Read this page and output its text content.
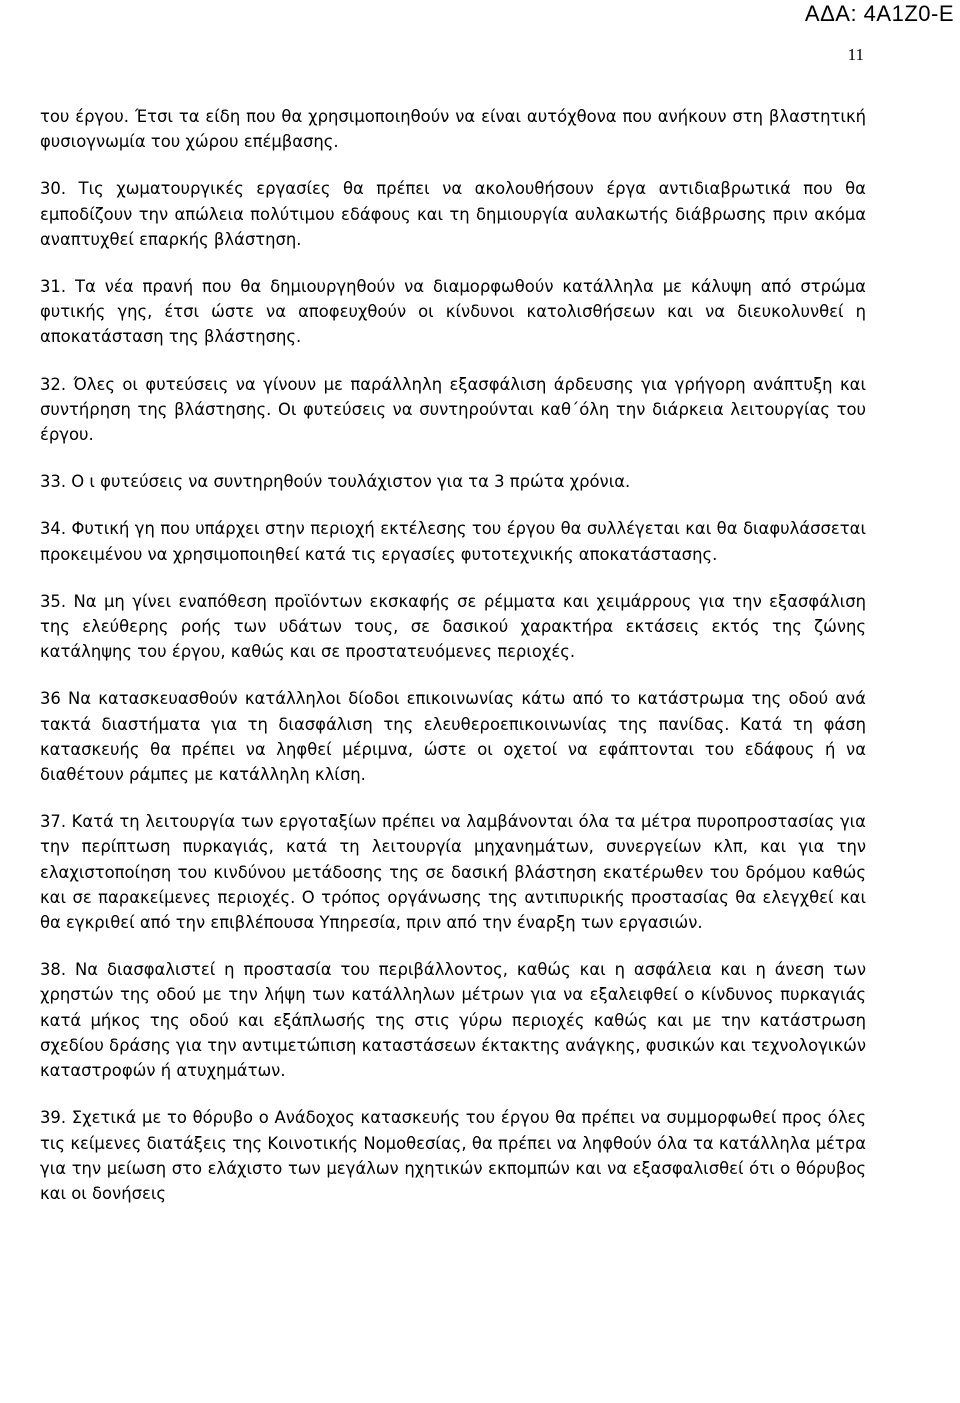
ΑΔΑ: 4Α1Ζ0-Ε
11

του έργου. Έτσι τα είδη που θα χρησιμοποιηθούν να είναι αυτόχθονα που ανήκουν στη βλαστητική φυσιογνωμία του χώρου επέμβασης.

30. Τις χωματουργικές εργασίες θα πρέπει να ακολουθήσουν έργα αντιδιαβρωτικά που θα εμποδίζουν την απώλεια πολύτιμου εδάφους και τη δημιουργία αυλακωτής διάβρωσης πριν ακόμα αναπτυχθεί επαρκής βλάστηση.

31. Τα νέα πρανή που θα δημιουργηθούν να διαμορφωθούν κατάλληλα με κάλυψη από στρώμα φυτικής γης, έτσι ώστε να αποφευχθούν οι κίνδυνοι κατολισθήσεων και να διευκολυνθεί η αποκατάσταση της βλάστησης.

32. Όλες οι φυτεύσεις να γίνουν με παράλληλη εξασφάλιση άρδευσης για γρήγορη ανάπτυξη και συντήρηση της βλάστησης. Οι φυτεύσεις να συντηρούνται καθ΄όλη την διάρκεια λειτουργίας του έργου.

33. Ο ι φυτεύσεις να συντηρηθούν τουλάχιστον για τα 3 πρώτα χρόνια.

34. Φυτική γη που υπάρχει στην περιοχή εκτέλεσης του έργου θα συλλέγεται και θα διαφυλάσσεται προκειμένου να χρησιμοποιηθεί κατά τις εργασίες φυτοτεχνικής αποκατάστασης.

35. Να μη γίνει εναπόθεση προϊόντων εκσκαφής σε ρέμματα και χειμάρρους για την εξασφάλιση της ελεύθερης ροής των υδάτων τους, σε δασικού χαρακτήρα εκτάσεις εκτός της ζώνης κατάληψης του έργου, καθώς και σε προστατευόμενες περιοχές.

36 Να κατασκευασθούν κατάλληλοι δίοδοι επικοινωνίας κάτω από το κατάστρωμα της οδού ανά τακτά διαστήματα για τη διασφάλιση της ελευθεροεπικοινωνίας της πανίδας. Κατά τη φάση κατασκευής θα πρέπει να ληφθεί μέριμνα, ώστε οι οχετοί να εφάπτονται του εδάφους ή να διαθέτουν ράμπες με κατάλληλη κλίση.

37. Κατά τη λειτουργία των εργοταξίων πρέπει να λαμβάνονται όλα τα μέτρα πυροπροστασίας για την περίπτωση πυρκαγιάς, κατά τη λειτουργία μηχανημάτων, συνεργείων κλπ, και για την ελαχιστοποίηση του κινδύνου μετάδοσης της σε δασική βλάστηση εκατέρωθεν του δρόμου καθώς και σε παρακείμενες περιοχές. Ο τρόπος οργάνωσης της αντιπυρικής προστασίας θα ελεγχθεί και θα εγκριθεί από την επιβλέπουσα Υπηρεσία, πριν από την έναρξη των εργασιών.

38. Να διασφαλιστεί η προστασία του περιβάλλοντος, καθώς και η ασφάλεια και η άνεση των χρηστών της οδού με την λήψη των κατάλληλων μέτρων για να εξαλειφθεί ο κίνδυνος πυρκαγιάς κατά μήκος της οδού και εξάπλωσής της στις γύρω περιοχές καθώς και με την κατάστρωση σχεδίου δράσης για την αντιμετώπιση καταστάσεων έκτακτης ανάγκης, φυσικών και τεχνολογικών καταστροφών ή ατυχημάτων.

39. Σχετικά με το θόρυβο ο Ανάδοχος κατασκευής του έργου θα πρέπει να συμμορφωθεί προς όλες τις κείμενες διατάξεις της Κοινοτικής Νομοθεσίας, θα πρέπει να ληφθούν όλα τα κατάλληλα μέτρα για την μείωση στο ελάχιστο των μεγάλων ηχητικών εκπομπών και να εξασφαλισθεί ότι ο θόρυβος και οι δονήσεις
